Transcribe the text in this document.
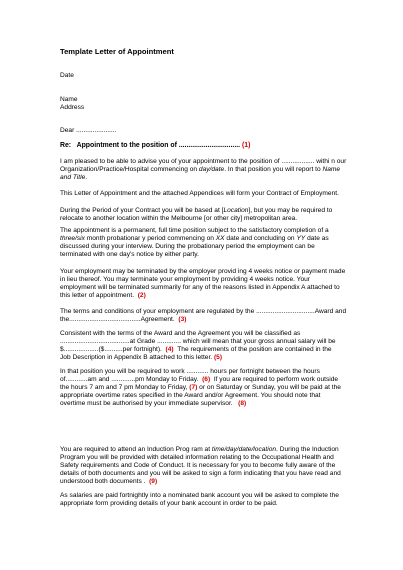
Template Letter of Appointment
Date
Name
Address
Dear ......................
Re: Appointment to the position of ................................ (1)
I am pleased to be able to advise you of your appointment to the position of .................. withi n our
Organization/Practice/Hospital commencing on day/date. In that position you will report to Name
and Title.
This Letter of Appointment and the attached Appendices will form your Contract of Employment.
During the Period of your Contract you will be based at [Location], but you may be required to
relocate to another location within the Melbourne [or other city] metropolitan area.
The appointment is a permanent, full time position subject to the satisfactory completion of a
three/six month probationar y period commencing on XX date and concluding on YY date as
discussed during your interview. During the probationary period the employment can be
terminated with one day's notice by either party.
Your employment may be terminated by the employer provid ing 4 weeks notice or payment made
in lieu thereof. You may terminate your employment by providing 4 weeks notice. Your
employment will be terminated summarily for any of the reasons listed in Appendix A attached to
this letter of appointment. (2)
The terms and conditions of your employment are regulated by the ................................Award and
the.......................................Agreement. (3)
Consistent with the terms of the Award and the Agreement you will be classified as
......................................at Grade ............. which will mean that your gross annual salary will be
$...................($..........per fortnight). (4) The requirements of the position are contained in the
Job Description in Appendix B attached to this letter. (5)
In that position you will be required to work ............ hours per fortnight between the hours
of............am and .............pm Monday to Friday. (6) If you are required to perform work outside
the hours 7 am and 7 pm Monday to Friday, (7) or on Saturday or Sunday, you will be paid at the
appropriate overtime rates specified in the Award and/or Agreement. You should note that
overtime must be authorised by your immediate supervisor. (8)
You are required to attend an Induction Prog ram at time/day/date/location. During the Induction
Program you will be provided with detailed information relating to the Occupational Health and
Safety requirements and Code of Conduct. It is necessary for you to become fully aware of the
details of both documents and you will be asked to sign a form indicating that you have read and
understood both documents . (9)
As salaries are paid fortnightly into a nominated bank account you will be asked to complete the
appropriate form providing details of your bank account in order to be paid.
